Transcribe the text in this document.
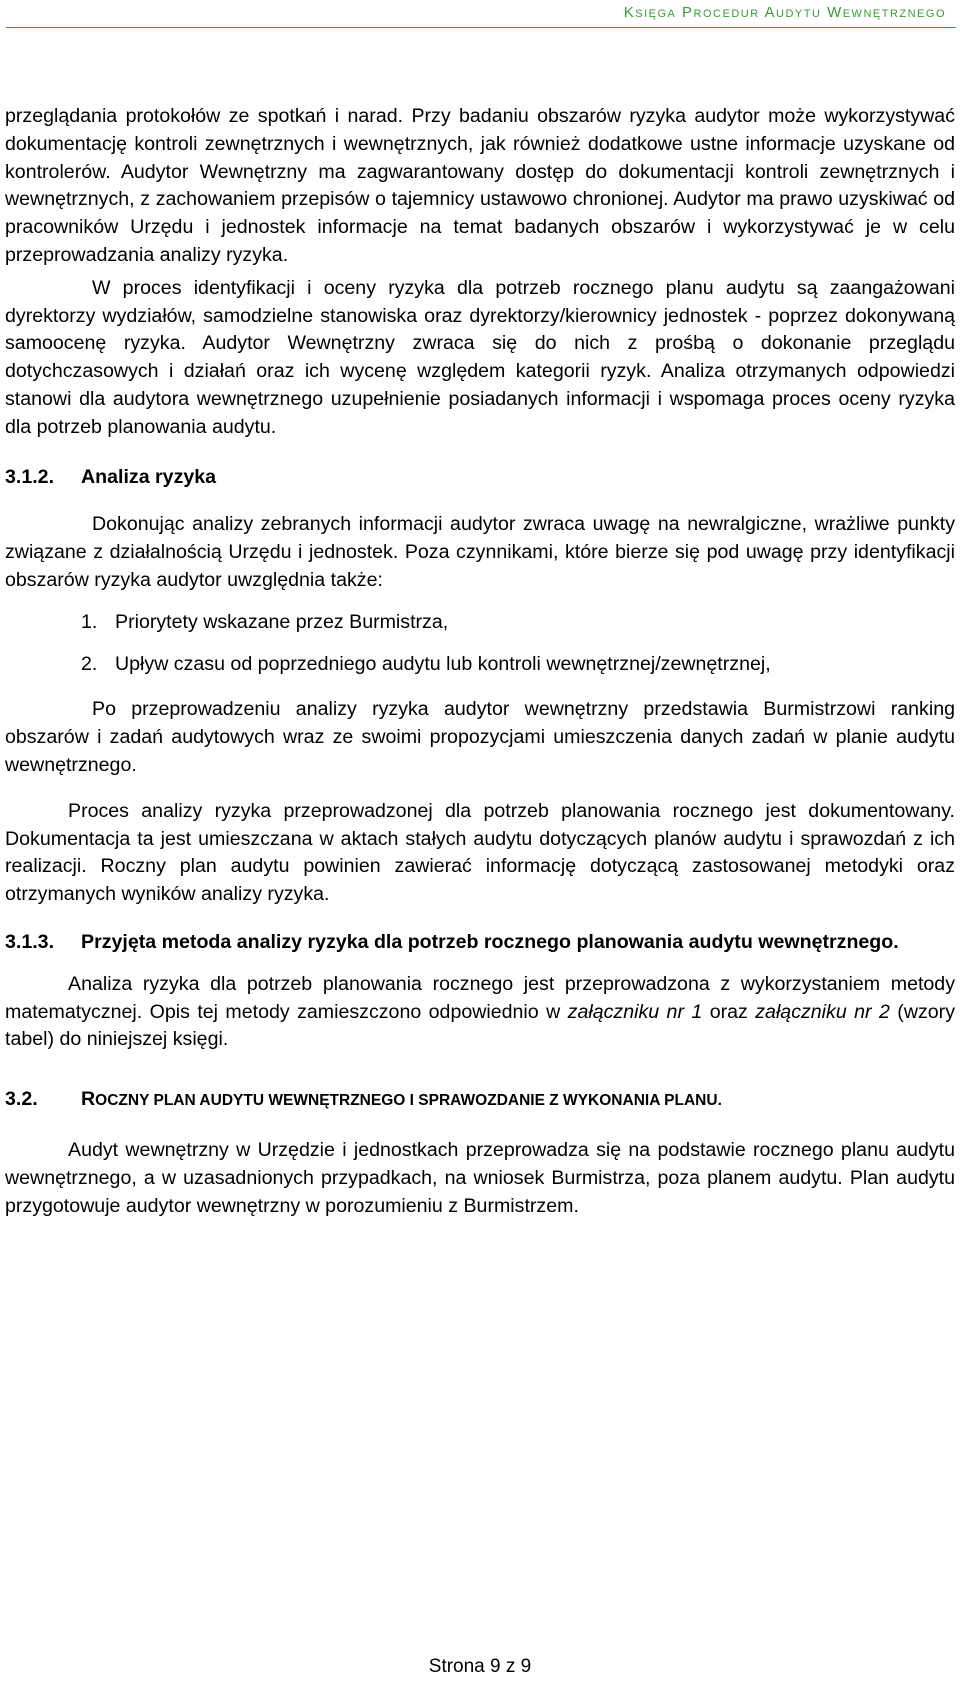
Księga Procedur Audytu Wewnętrznego

przeglądania protokołów ze spotkań i narad. Przy badaniu obszarów ryzyka audytor może wykorzystywać dokumentację kontroli zewnętrznych i wewnętrznych, jak również dodatkowe ustne informacje uzyskane od kontrolerów. Audytor Wewnętrzny ma zagwarantowany dostęp do dokumentacji kontroli zewnętrznych i wewnętrznych, z zachowaniem przepisów o tajemnicy ustawowo chronionej. Audytor ma prawo uzyskiwać od pracowników Urzędu i jednostek informacje na temat badanych obszarów i wykorzystywać je w celu przeprowadzania analizy ryzyka.

W proces identyfikacji i oceny ryzyka dla potrzeb rocznego planu audytu są zaangażowani dyrektorzy wydziałów, samodzielne stanowiska oraz dyrektorzy/kierownicy jednostek - poprzez dokonywaną samoocenę ryzyka. Audytor Wewnętrzny zwraca się do nich z prośbą o dokonanie przeglądu dotychczasowych i działań oraz ich wycenę względem kategorii ryzyk. Analiza otrzymanych odpowiedzi stanowi dla audytora wewnętrznego uzupełnienie posiadanych informacji i wspomaga proces oceny ryzyka dla potrzeb planowania audytu.

3.1.2.	Analiza ryzyka

Dokonując analizy zebranych informacji audytor zwraca uwagę na newralgiczne, wrażliwe punkty związane z działalnością Urzędu i jednostek. Poza czynnikami, które bierze się pod uwagę przy identyfikacji obszarów ryzyka audytor uwzględnia także:

1. Priorytety wskazane przez Burmistrza,
2. Upływ czasu od poprzedniego audytu lub kontroli wewnętrznej/zewnętrznej,

Po przeprowadzeniu analizy ryzyka audytor wewnętrzny przedstawia Burmistrzowi ranking obszarów i zadań audytowych wraz ze swoimi propozycjami umieszczenia danych zadań w planie audytu wewnętrznego.

Proces analizy ryzyka przeprowadzonej dla potrzeb planowania rocznego jest dokumentowany. Dokumentacja ta jest umieszczana w aktach stałych audytu dotyczących planów audytu i sprawozdań z ich realizacji. Roczny plan audytu powinien zawierać informację dotyczącą zastosowanej metodyki oraz otrzymanych wyników analizy ryzyka.

3.1.3.	Przyjęta metoda analizy ryzyka dla potrzeb rocznego planowania audytu wewnętrznego.

Analiza ryzyka dla potrzeb planowania rocznego jest przeprowadzona z wykorzystaniem metody matematycznej. Opis tej metody zamieszczono odpowiednio w załączniku nr 1 oraz załączniku nr 2 (wzory tabel) do niniejszej księgi.

3.2.	ROCZNY PLAN AUDYTU WEWNĘTRZNEGO I SPRAWOZDANIE Z WYKONANIA PLANU.

Audyt wewnętrzny w Urzędzie i jednostkach przeprowadza się na podstawie rocznego planu audytu wewnętrznego, a w uzasadnionych przypadkach, na wniosek Burmistrza, poza planem audytu. Plan audytu przygotowuje audytor wewnętrzny w porozumieniu z Burmistrzem.

Strona 9 z 9
